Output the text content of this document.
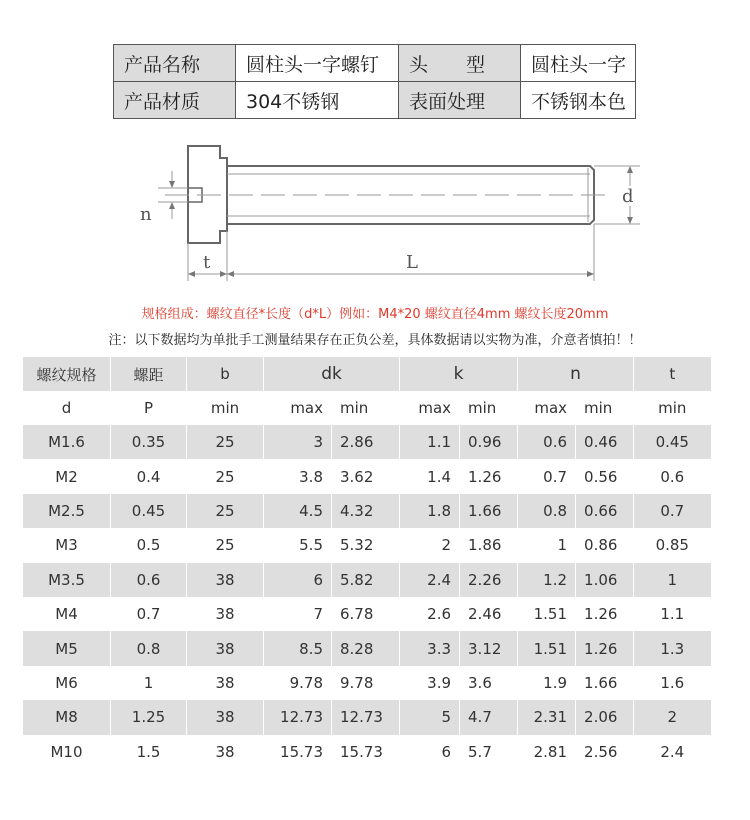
产品名称	圆柱头一字螺钉	头　　型	圆柱头一字
产品材质	304不锈钢	表面处理	不锈钢本色
n
t	L
d
规格组成：螺纹直径*长度（d*L）例如：M4*20 螺纹直径4mm 螺纹长度20mm
注：以下数据均为单批手工测量结果存在正负公差，具体数据请以实物为准，介意者慎拍！！
螺纹规格	螺距	b	dk		k		n		t
d	P	min	max	min	max	min	max	min	min
M1.6	0.35	25	3	2.86	1.1	0.96	0.6	0.46	0.45
M2	0.4	25	3.8	3.62	1.4	1.26	0.7	0.56	0.6
M2.5	0.45	25	4.5	4.32	1.8	1.66	0.8	0.66	0.7
M3	0.5	25	5.5	5.32	2	1.86	1	0.86	0.85
M3.5	0.6	38	6	5.82	2.4	2.26	1.2	1.06	1
M4	0.7	38	7	6.78	2.6	2.46	1.51	1.26	1.1
M5	0.8	38	8.5	8.28	3.3	3.12	1.51	1.26	1.3
M6	1	38	9.78	9.78	3.9	3.6	1.9	1.66	1.6
M8	1.25	38	12.73	12.73	5	4.7	2.31	2.06	2
M10	1.5	38	15.73	15.73	6	5.7	2.81	2.56	2.4
